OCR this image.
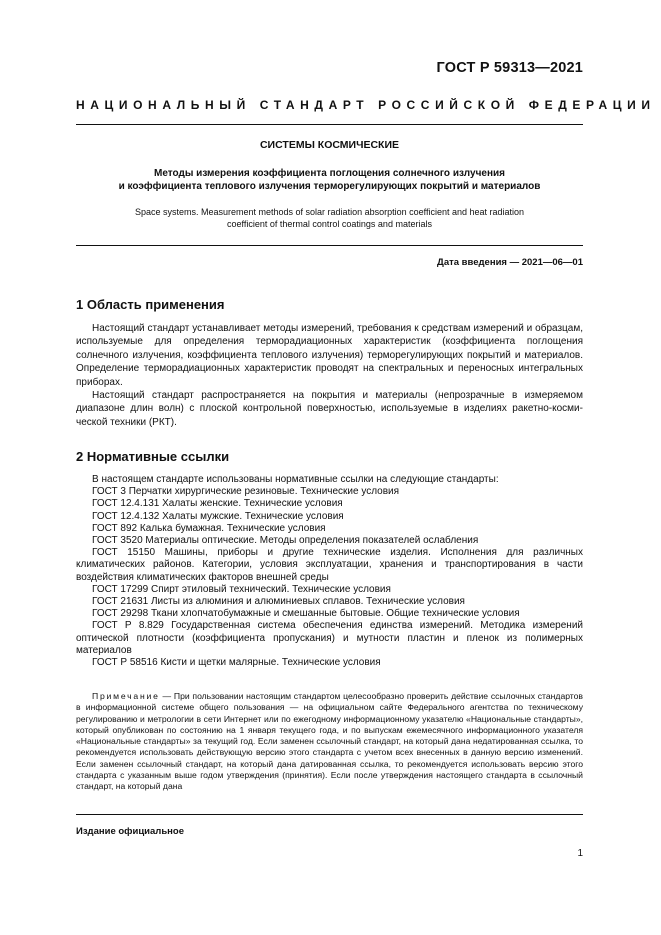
ГОСТ Р 59313—2021
НАЦИОНАЛЬНЫЙ СТАНДАРТ РОССИЙСКОЙ ФЕДЕРАЦИИ
СИСТЕМЫ КОСМИЧЕСКИЕ
Методы измерения коэффициента поглощения солнечного излучения
и коэффициента теплового излучения терморегулирующих покрытий и материалов
Space systems. Measurement methods of solar radiation absorption coefficient and heat radiation
coefficient of thermal control coatings and materials
Дата введения — 2021—06—01
1 Область применения

Настоящий стандарт устанавливает методы измерений, требования к средствам измерений и образцам, используемые для определения терморадиационных характеристик (коэффициента поглощения солнечного излучения, коэффициента теплового излучения) терморегулирующих покрытий и материалов. Определение терморадиационных характеристик проводят на спектральных и переносных интегральных приборах.

Настоящий стандарт распространяется на покрытия и материалы (непрозрачные в измеряемом диапазоне длин волн) с плоской контрольной поверхностью, используемые в изделиях ракетно-космической техники (РКТ).

2 Нормативные ссылки

В настоящем стандарте использованы нормативные ссылки на следующие стандарты:

ГОСТ 3 Перчатки хирургические резиновые. Технические условия

ГОСТ 12.4.131 Халаты женские. Технические условия

ГОСТ 12.4.132 Халаты мужские. Технические условия

ГОСТ 892 Калька бумажная. Технические условия

ГОСТ 3520 Материалы оптические. Методы определения показателей ослабления

ГОСТ 15150 Машины, приборы и другие технические изделия. Исполнения для различных климатических районов. Категории, условия эксплуатации, хранения и транспортирования в части воздействия климатических факторов внешней среды

ГОСТ 17299 Спирт этиловый технический. Технические условия

ГОСТ 21631 Листы из алюминия и алюминиевых сплавов. Технические условия

ГОСТ 29298 Ткани хлопчатобумажные и смешанные бытовые. Общие технические условия

ГОСТ Р 8.829 Государственная система обеспечения единства измерений. Методика измерений оптической плотности (коэффициента пропускания) и мутности пластин и пленок из полимерных материалов

ГОСТ Р 58516 Кисти и щетки малярные. Технические условия

Примечание — При пользовании настоящим стандартом целесообразно проверить действие ссылочных стандартов в информационной системе общего пользования — на официальном сайте Федерального агентства по техническому регулированию и метрологии в сети Интернет или по ежегодному информационному указателю «Национальные стандарты», который опубликован по состоянию на 1 января текущего года, и по выпускам ежемесячного информационного указателя «Национальные стандарты» за текущий год. Если заменен ссылочный стандарт, на который дана недатированная ссылка, то рекомендуется использовать действующую версию этого стандарта с учетом всех внесенных в данную версию изменений. Если заменен ссылочный стандарт, на который дана датированная ссылка, то рекомендуется использовать версию этого стандарта с указанным выше годом утверждения (принятия). Если после утверждения настоящего стандарта в ссылочный стандарт, на который дана

Издание официальное
1
